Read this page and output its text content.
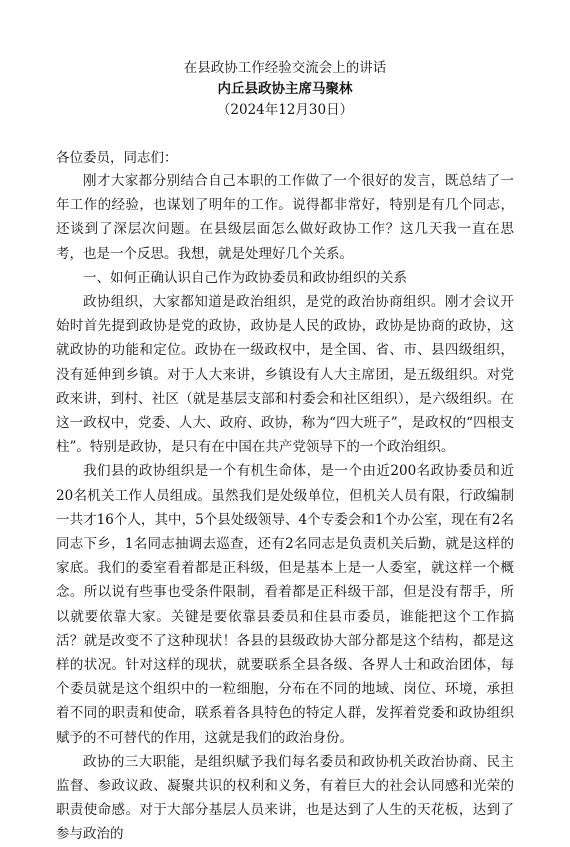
在县政协工作经验交流会上的讲话
内丘县政协主席马聚林
（2024年12月30日）
各位委员，同志们：

刚才大家都分别结合自己本职的工作做了一个很好的发言，既总结了一年工作的经验，也谋划了明年的工作。说得都非常好，特别是有几个同志，还谈到了深层次问题。在县级层面怎么做好政协工作？这几天我一直在思考，也是一个反思。我想，就是处理好几个关系。

一、如何正确认识自己作为政协委员和政协组织的关系

政协组织，大家都知道是政治组织，是党的政治协商组织。刚才会议开始时首先提到政协是党的政协，政协是人民的政协，政协是协商的政协，这就政协的功能和定位。政协在一级政权中，是全国、省、市、县四级组织，没有延伸到乡镇。对于人大来讲，乡镇设有人大主席团，是五级组织。对党政来讲，到村、社区（就是基层支部和村委会和社区组织），是六级组织。在这一政权中，党委、人大、政府、政协，称为“四大班子”，是政权的“四根支柱”。特别是政协，是只有在中国在共产党领导下的一个政治组织。

我们县的政协组织是一个有机生命体，是一个由近200名政协委员和近20名机关工作人员组成。虽然我们是处级单位，但机关人员有限，行政编制一共才16个人，其中，5个县处级领导、4个专委会和1个办公室，现在有2名同志下乡，1名同志抽调去巡查，还有2名同志是负责机关后勤，就是这样的家底。我们的委室看着都是正科级，但是基本上是一人委室，就这样一个概念。所以说有些事也受条件限制，看着都是正科级干部，但是没有帮手，所以就要依靠大家。关键是要依靠县委员和住县市委员，谁能把这个工作搞活？就是改变不了这种现状！各县的县级政协大部分都是这个结构，都是这样的状况。针对这样的现状，就要联系全县各级、各界人士和政治团体，每个委员就是这个组织中的一粒细胞，分布在不同的地域、岗位、环境，承担着不同的职责和使命，联系着各具特色的特定人群，发挥着党委和政协组织赋予的不可替代的作用，这就是我们的政治身份。

政协的三大职能，是组织赋予我们每名委员和政协机关政治协商、民主监督、参政议政、凝聚共识的权利和义务，有着巨大的社会认同感和光荣的职责使命感。对于大部分基层人员来讲，也是达到了人生的天花板，达到了参与政治的
